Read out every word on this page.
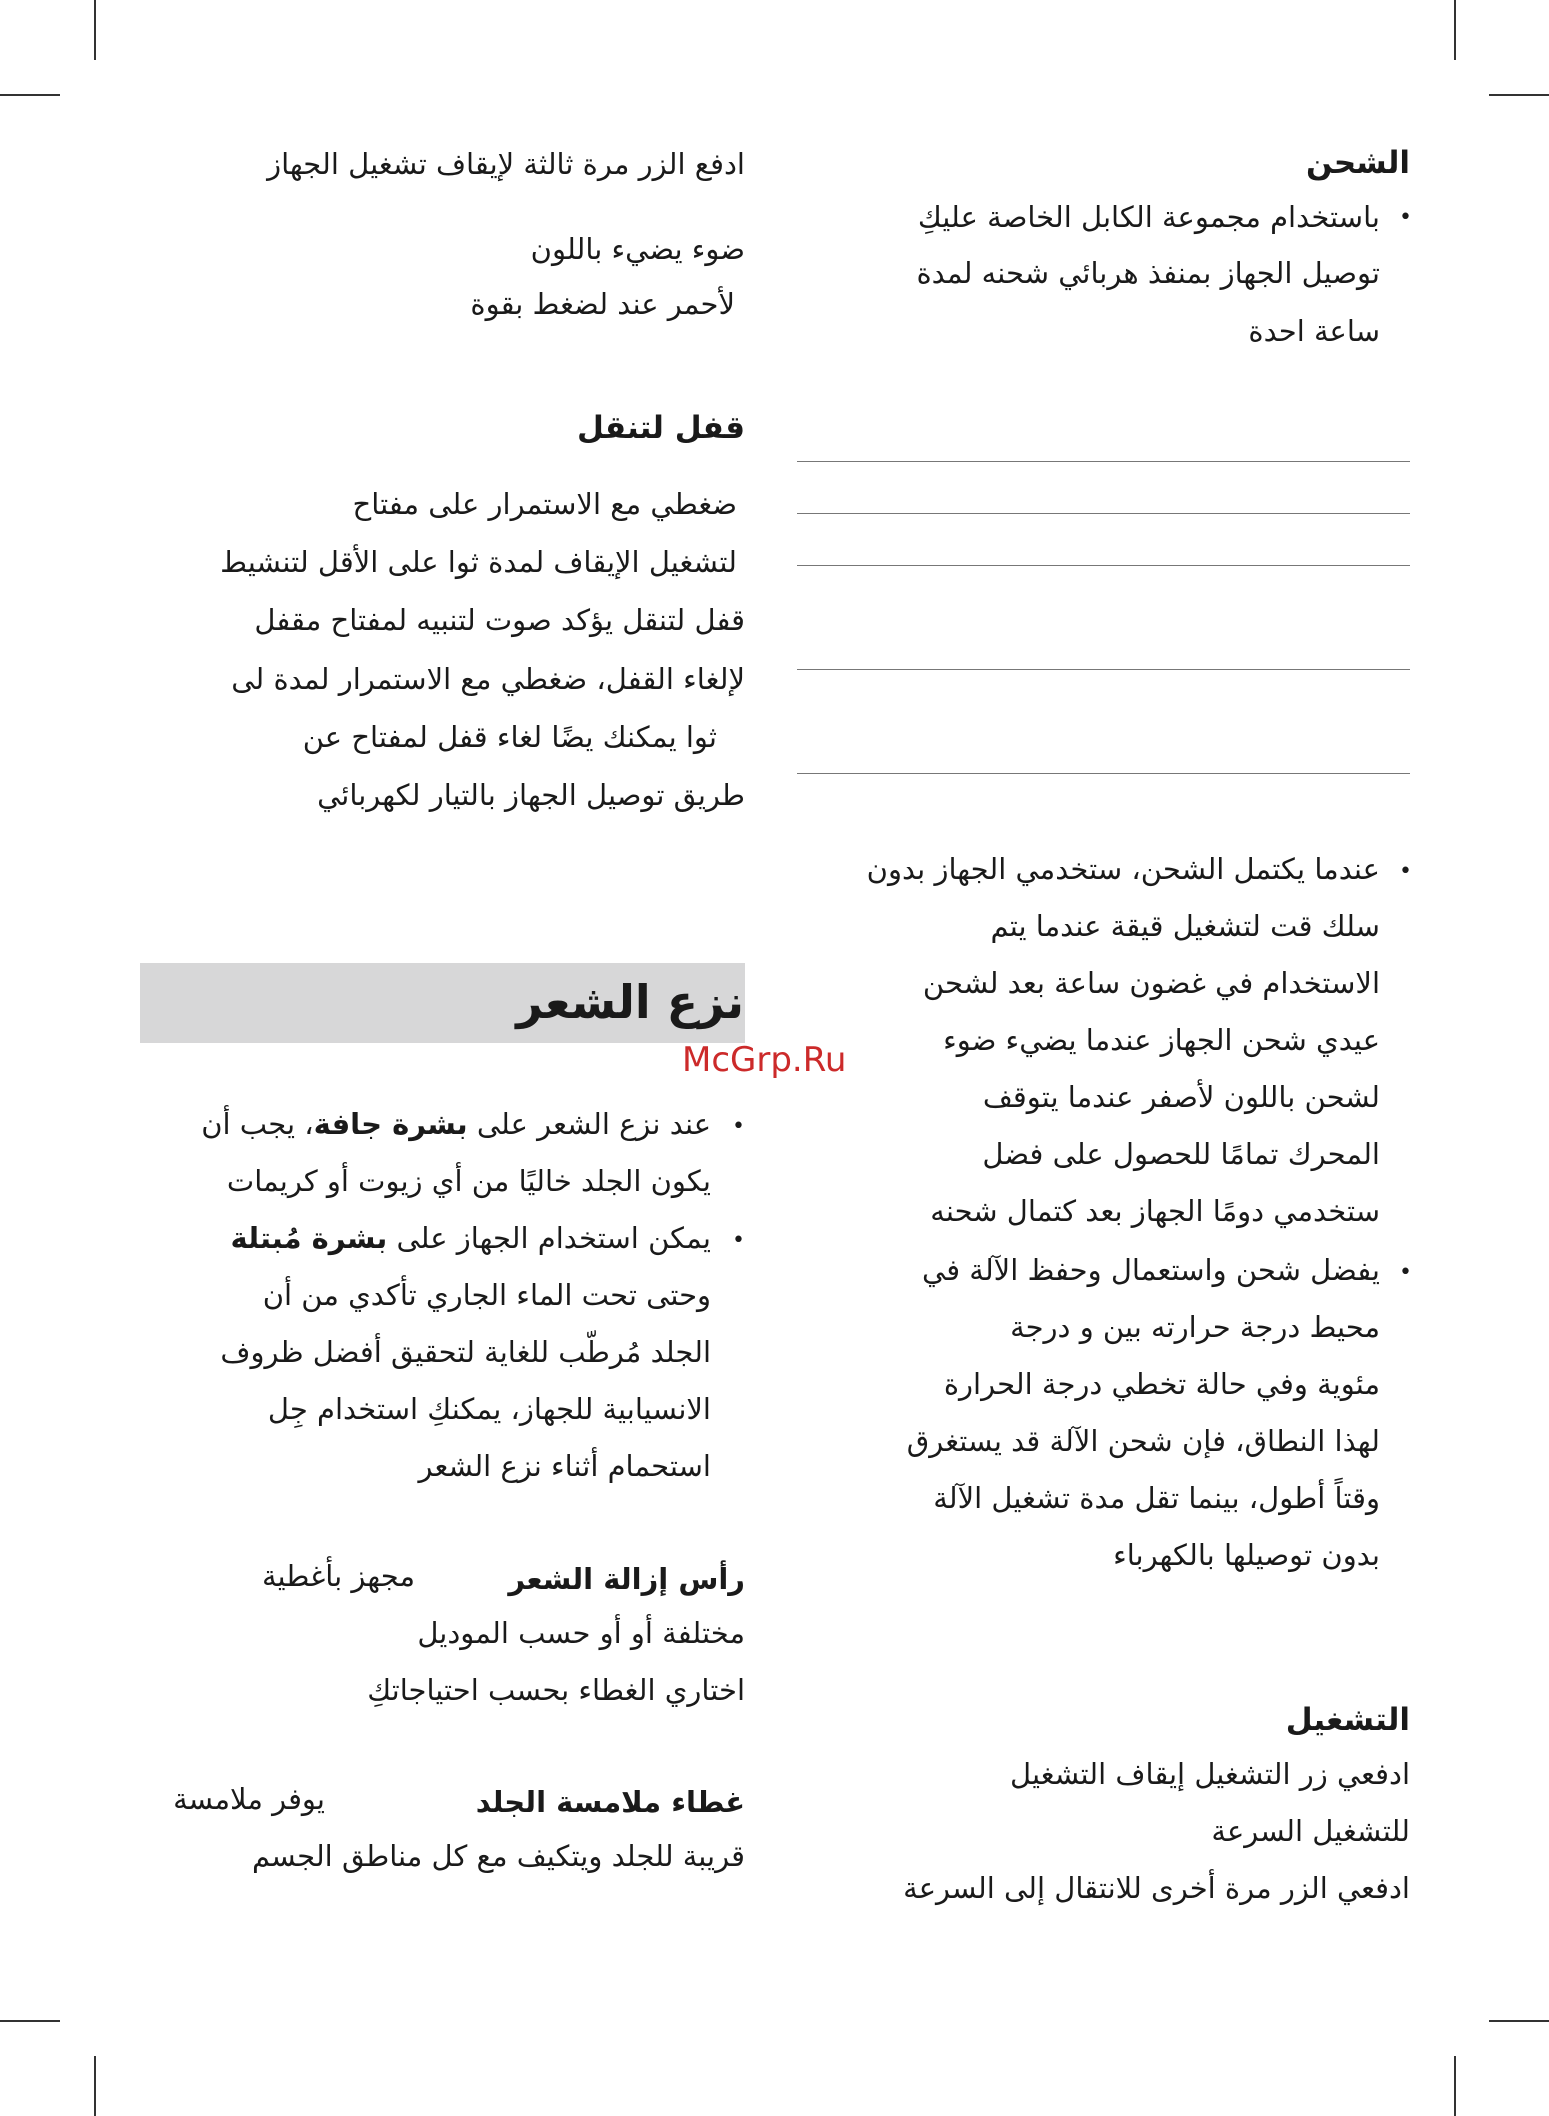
الشحن
•
باستخدام مجموعة الكابل الخاصة عليكِ
توصيل الجهاز بمنفذ هربائي شحنه لمدة
ساعة احدة
•
عندما يكتمل الشحن، ستخدمي الجهاز بدون
سلك قت لتشغيل قيقة عندما يتم
الاستخدام في غضون ساعة بعد لشحن
عيدي شحن الجهاز عندما يضيء ضوء
لشحن باللون لأصفر عندما يتوقف
المحرك تمامًا للحصول على فضل
ستخدمي دومًا الجهاز بعد كتمال شحنه
•
يفضل شحن واستعمال وحفظ الآلة في
محيط درجة حرارته بين و درجة
مئوية وفي حالة تخطي درجة الحرارة
لهذا النطاق، فإن شحن الآلة قد يستغرق
وقتاً أطول، بينما تقل مدة تشغيل الآلة
بدون توصيلها بالكهرباء
التشغيل
ادفعي زر التشغيل إيقاف التشغيل
للتشغيل السرعة
ادفعي الزر مرة أخرى للانتقال إلى السرعة
ادفع الزر مرة ثالثة لإيقاف تشغيل الجهاز
ضوء يضيء باللون
لأحمر عند لضغط بقوة
قفل لتنقل
ضغطي مع الاستمرار على مفتاح
لتشغيل الإيقاف لمدة ثوا على الأقل لتنشيط
قفل لتنقل يؤكد صوت لتنبيه لمفتاح مقفل
لإلغاء القفل، ضغطي مع الاستمرار لمدة لى
ثوا يمكنك يضًا لغاء قفل لمفتاح عن
طريق توصيل الجهاز بالتيار لكهربائي
نزع الشعر
McGrp.Ru
•
عند نزع الشعر على بشرة جافة، يجب أن
يكون الجلد خاليًا من أي زيوت أو كريمات
•
يمكن استخدام الجهاز على بشرة مُبتلة
وحتى تحت الماء الجاري تأكدي من أن
الجلد مُرطّب للغاية لتحقيق أفضل ظروف
الانسيابية للجهاز، يمكنكِ استخدام جِل
استحمام أثناء نزع الشعر
رأس إزالة الشعر
مجهز بأغطية
مختلفة أو أو حسب الموديل
اختاري الغطاء بحسب احتياجاتكِ
غطاء ملامسة الجلد
يوفر ملامسة
قريبة للجلد ويتكيف مع كل مناطق الجسم
